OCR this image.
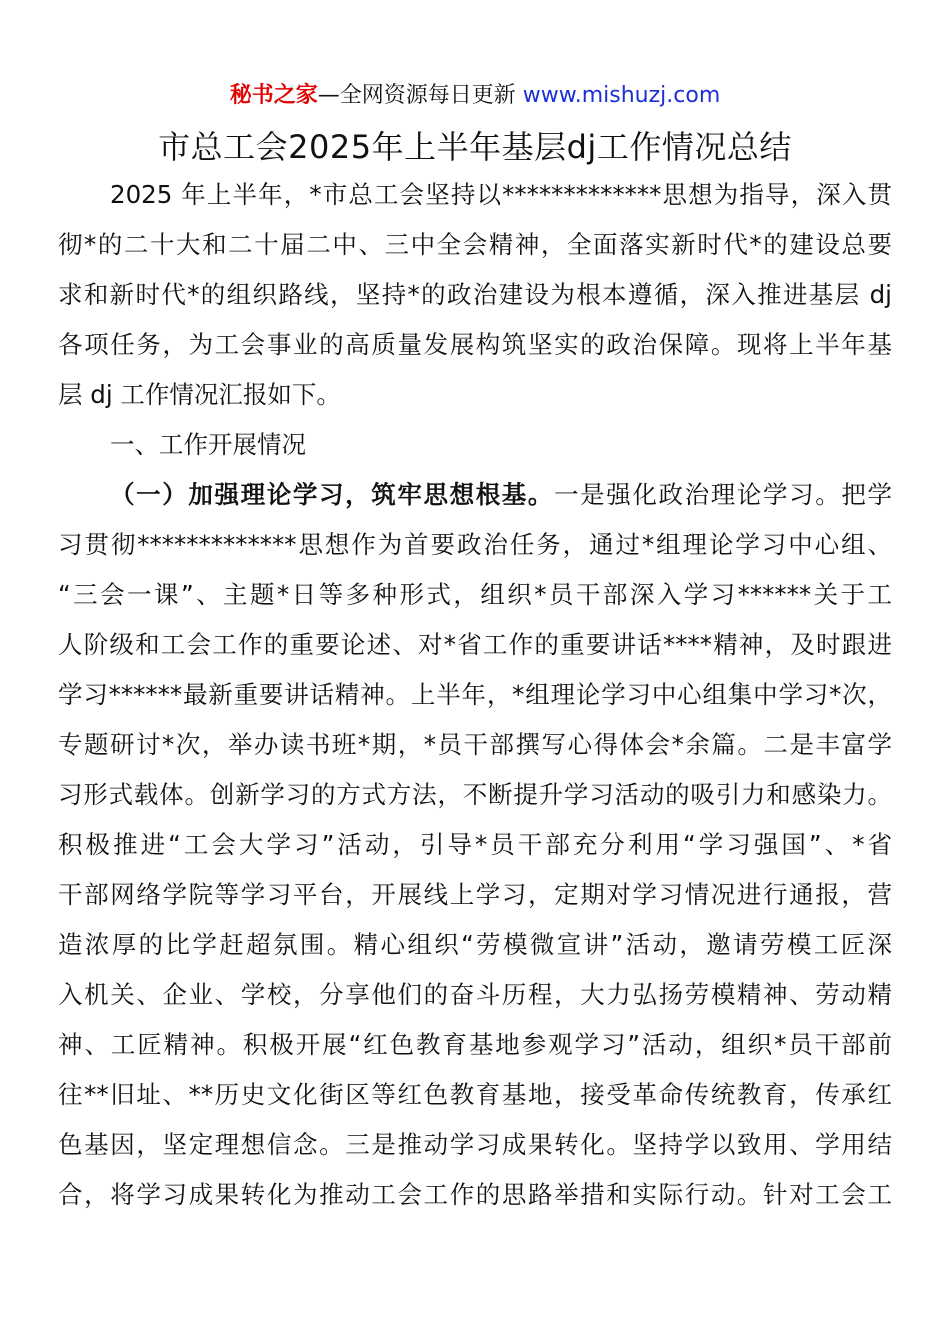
秘书之家—全网资源每日更新 www.mishuzj.com
市总工会2025年上半年基层dj工作情况总结
2025 年上半年，*市总工会坚持以*************思想为指导，深入贯
彻*的二十大和二十届二中、三中全会精神，全面落实新时代*的建设总要
求和新时代*的组织路线，坚持*的政治建设为根本遵循，深入推进基层 dj
各项任务，为工会事业的高质量发展构筑坚实的政治保障。现将上半年基
层 dj 工作情况汇报如下。
一、工作开展情况
（一）加强理论学习，筑牢思想根基。一是强化政治理论学习。把学
习贯彻*************思想作为首要政治任务，通过*组理论学习中心组、
“三会一课”、主题*日等多种形式，组织*员干部深入学习******关于工
人阶级和工会工作的重要论述、对*省工作的重要讲话****精神，及时跟进
学习******最新重要讲话精神。上半年，*组理论学习中心组集中学习*次，
专题研讨*次，举办读书班*期，*员干部撰写心得体会*余篇。二是丰富学
习形式载体。创新学习的方式方法，不断提升学习活动的吸引力和感染力。
积极推进“工会大学习”活动，引导*员干部充分利用“学习强国”、*省
干部网络学院等学习平台，开展线上学习，定期对学习情况进行通报，营
造浓厚的比学赶超氛围。精心组织“劳模微宣讲”活动，邀请劳模工匠深
入机关、企业、学校，分享他们的奋斗历程，大力弘扬劳模精神、劳动精
神、工匠精神。积极开展“红色教育基地参观学习”活动，组织*员干部前
往**旧址、**历史文化街区等红色教育基地，接受革命传统教育，传承红
色基因，坚定理想信念。三是推动学习成果转化。坚持学以致用、学用结
合，将学习成果转化为推动工会工作的思路举措和实际行动。针对工会工
